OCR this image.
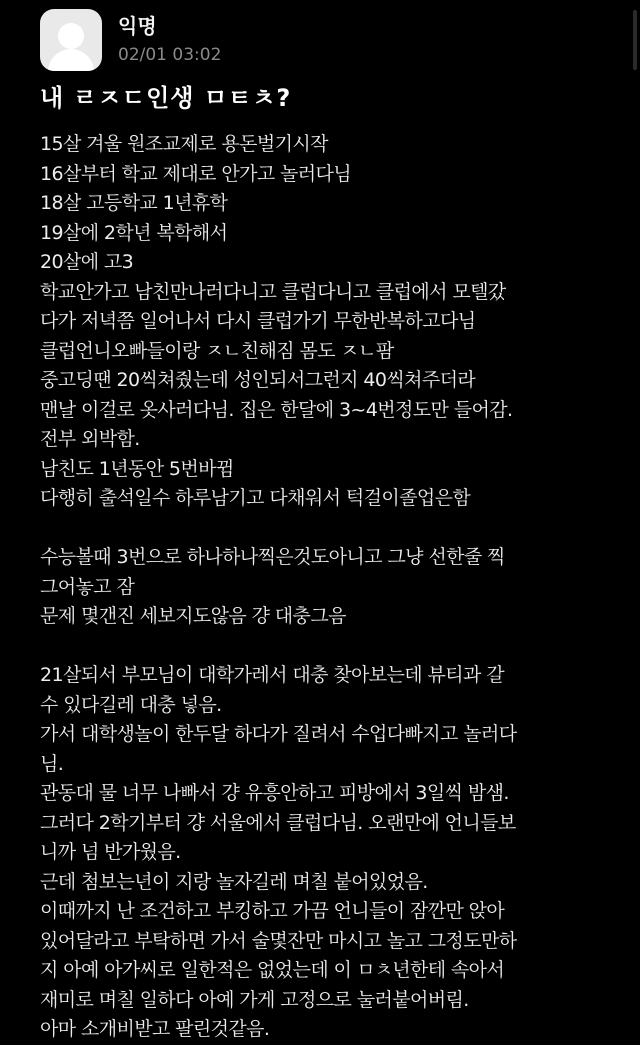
익명
02/01 03:02
내 ㄹㅈㄷ인생 ㅁㅌㅊ?
15살 겨울 원조교제로 용돈벌기시작
16살부터 학교 제대로 안가고 놀러다님
18살 고등학교 1년휴학
19살에 2학년 복학해서
20살에 고3
학교안가고 남친만나러다니고 클럽다니고 클럽에서 모텔갔
다가 저녁쯤 일어나서 다시 클럽가기 무한반복하고다님
클럽언니오빠들이랑 ㅈㄴ친해짐 몸도 ㅈㄴ팜
중고딩땐 20씩쳐줬는데 성인되서그런지 40씩쳐주더라
맨날 이걸로 옷사러다님. 집은 한달에 3~4번정도만 들어감.
전부 외박함.
남친도 1년동안 5번바뀜
다행히 출석일수 하루남기고 다채워서 턱걸이졸업은함
수능볼때 3번으로 하나하나찍은것도아니고 그냥 선한줄 찍
그어놓고 잠
문제 몇갠진 세보지도않음 걍 대충그음
21살되서 부모님이 대학가레서 대충 찾아보는데 뷰티과 갈
수 있다길레 대충 넣음.
가서 대학생놀이 한두달 하다가 질려서 수업다빠지고 놀러다
님.
관동대 물 너무 나빠서 걍 유흥안하고 피방에서 3일씩 밤샘.
그러다 2학기부터 걍 서울에서 클럽다님. 오랜만에 언니들보
니까 넘 반가웠음.
근데 첨보는년이 지랑 놀자길레 며칠 붙어있었음.
이때까지 난 조건하고 부킹하고 가끔 언니들이 잠깐만 앉아
있어달라고 부탁하면 가서 술몇잔만 마시고 놀고 그정도만하
지 아예 아가씨로 일한적은 없었는데 이 ㅁㅊ년한테 속아서
재미로 며칠 일하다 아예 가게 고정으로 눌러붙어버림.
아마 소개비받고 팔린것같음.
